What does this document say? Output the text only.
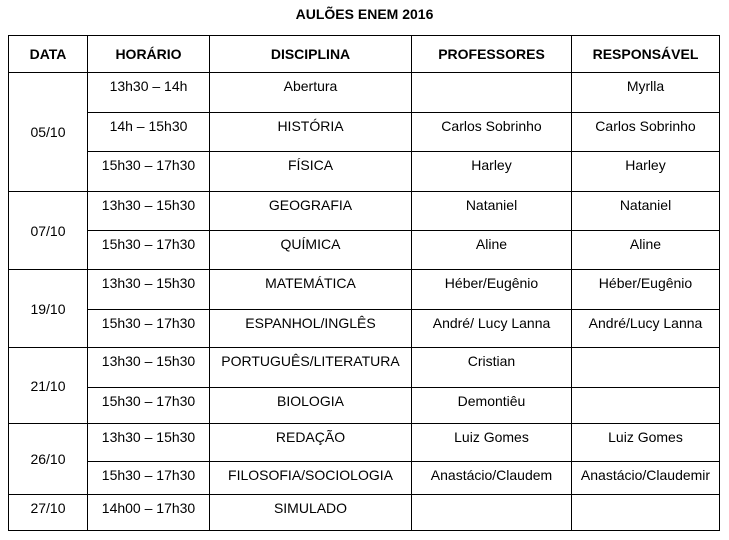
AULÕES ENEM 2016
DATA	HORÁRIO	DISCIPLINA	PROFESSORES	RESPONSÁVEL
05/10	13h30 – 14h	Abertura		Myrlla
	14h – 15h30	HISTÓRIA	Carlos Sobrinho	Carlos Sobrinho
	15h30 – 17h30	FÍSICA	Harley	Harley
07/10	13h30 – 15h30	GEOGRAFIA	Nataniel	Nataniel
	15h30 – 17h30	QUÍMICA	Aline	Aline
19/10	13h30 – 15h30	MATEMÁTICA	Héber/Eugênio	Héber/Eugênio
	15h30 – 17h30	ESPANHOL/INGLÊS	André/ Lucy Lanna	André/Lucy Lanna
21/10	13h30 – 15h30	PORTUGUÊS/LITERATURA	Cristian	
	15h30 – 17h30	BIOLOGIA	Demontiêu	
26/10	13h30 – 15h30	REDAÇÃO	Luiz Gomes	Luiz Gomes
	15h30 – 17h30	FILOSOFIA/SOCIOLOGIA	Anastácio/Claudem	Anastácio/Claudemir
27/10	14h00 – 17h30	SIMULADO		
